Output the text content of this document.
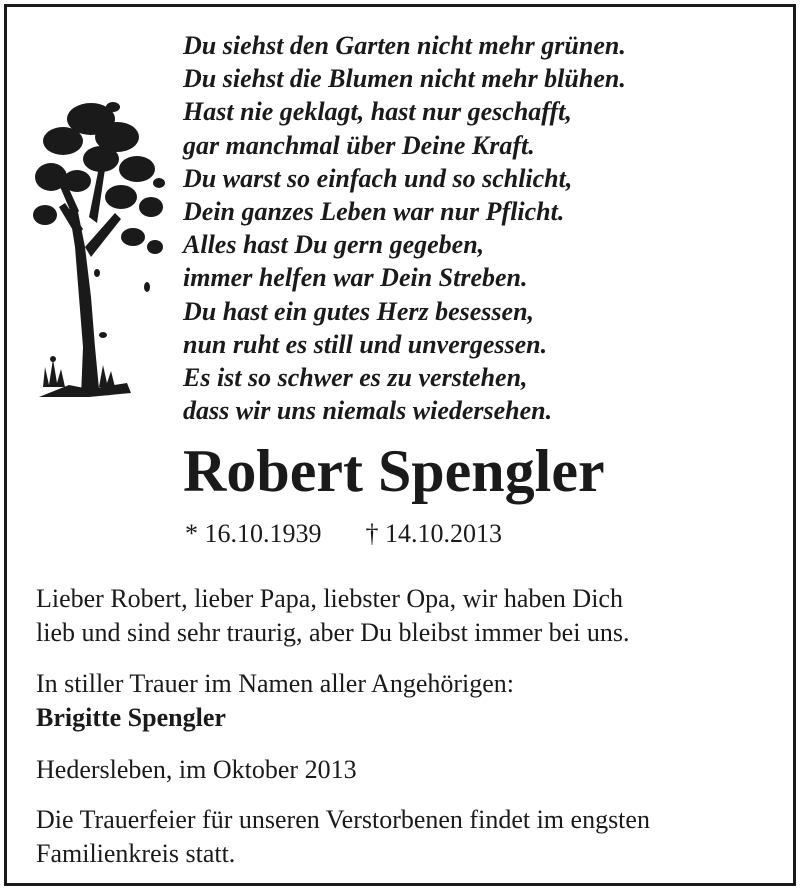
Du siehst den Garten nicht mehr grünen.
Du siehst die Blumen nicht mehr blühen.
Hast nie geklagt, hast nur geschafft,
gar manchmal über Deine Kraft.
Du warst so einfach und so schlicht,
Dein ganzes Leben war nur Pflicht.
Alles hast Du gern gegeben,
immer helfen war Dein Streben.
Du hast ein gutes Herz besessen,
nun ruht es still und unvergessen.
Es ist so schwer es zu verstehen,
dass wir uns niemals wiedersehen.
Robert Spengler
* 16.10.1939 † 14.10.2013
Lieber Robert, lieber Papa, liebster Opa, wir haben Dich
lieb und sind sehr traurig, aber Du bleibst immer bei uns.
In stiller Trauer im Namen aller Angehörigen:
Brigitte Spengler
Hedersleben, im Oktober 2013
Die Trauerfeier für unseren Verstorbenen findet im engsten
Familienkreis statt.
